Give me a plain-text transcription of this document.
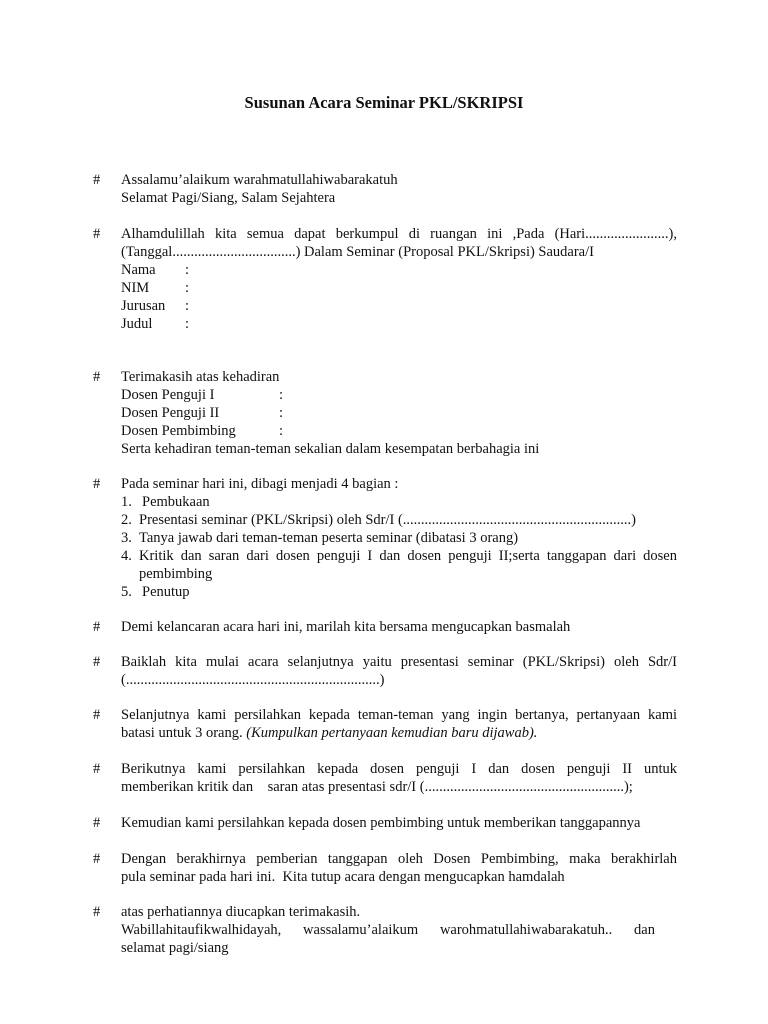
Susunan Acara Seminar PKL/SKRIPSI
# Assalamu’alaikum warahmatullahiwabarakatuh
Selamat Pagi/Siang, Salam Sejahtera
# Alhamdulillah kita semua dapat berkumpul di ruangan ini ,Pada (Hari.......................),
(Tanggal..................................) Dalam Seminar (Proposal PKL/Skripsi) Saudara/I
Nama	:
NIM	:
Jurusan	:
Judul	:
# Terimakasih atas kehadiran
Dosen Penguji I	:
Dosen Penguji II	:
Dosen Pembimbing	:
Serta kehadiran teman-teman sekalian dalam kesempatan berbahagia ini
# Pada seminar hari ini, dibagi menjadi 4 bagian :
1. Pembukaan
2. Presentasi seminar (PKL/Skripsi) oleh Sdr/I (...............................................................)
3. Tanya jawab dari teman-teman peserta seminar (dibatasi 3 orang)
4. Kritik dan saran dari dosen penguji I dan dosen penguji II;serta tanggapan dari dosen
pembimbing
5. Penutup
# Demi kelancaran acara hari ini, marilah kita bersama mengucapkan basmalah
# Baiklah kita mulai acara selanjutnya yaitu presentasi seminar (PKL/Skripsi) oleh Sdr/I
(......................................................................)
# Selanjutnya kami persilahkan kepada teman-teman yang ingin bertanya, pertanyaan kami
batasi untuk 3 orang. (Kumpulkan pertanyaan kemudian baru dijawab).
# Berikutnya kami persilahkan kepada dosen penguji I dan dosen penguji II untuk
memberikan kritik dan    saran atas presentasi sdr/I (.......................................................);
# Kemudian kami persilahkan kepada dosen pembimbing untuk memberikan tanggapannya
# Dengan berakhirnya pemberian tanggapan oleh Dosen Pembimbing, maka berakhirlah
pula seminar pada hari ini.  Kita tutup acara dengan mengucapkan hamdalah
# atas perhatiannya diucapkan terimakasih.
Wabillahitaufikwalhidayah,      wassalamu’alaikum      warohmatullahiwabarakatuh..      dan
selamat pagi/siang
